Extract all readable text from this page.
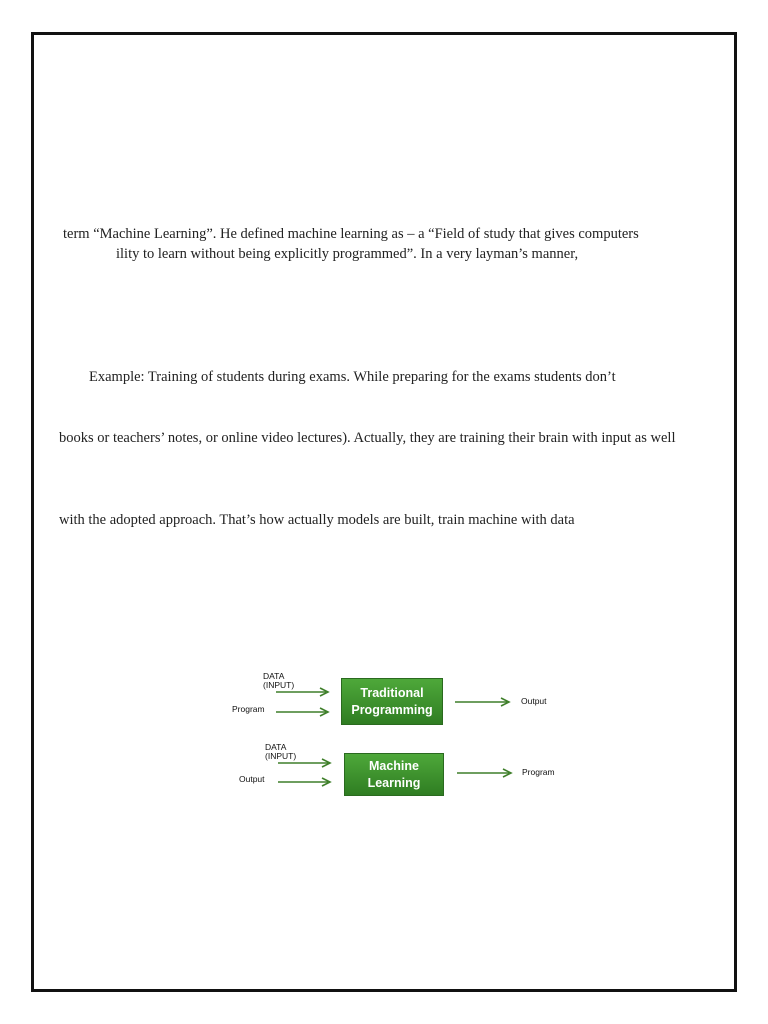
term “Machine Learning”. He defined machine learning as – a “Field of study that gives computers
ility to learn without being explicitly programmed”. In a very layman’s manner,
Example: Training of students during exams. While preparing for the exams students don’t
books or teachers’ notes, or online video lectures). Actually, they are training their brain with input as well
with the adopted approach. That’s how actually models are built, train machine with data
DATA
(INPUT)
Program
Traditional
Programming
Output
DATA
(INPUT)
Output
Machine
Learning
Program
